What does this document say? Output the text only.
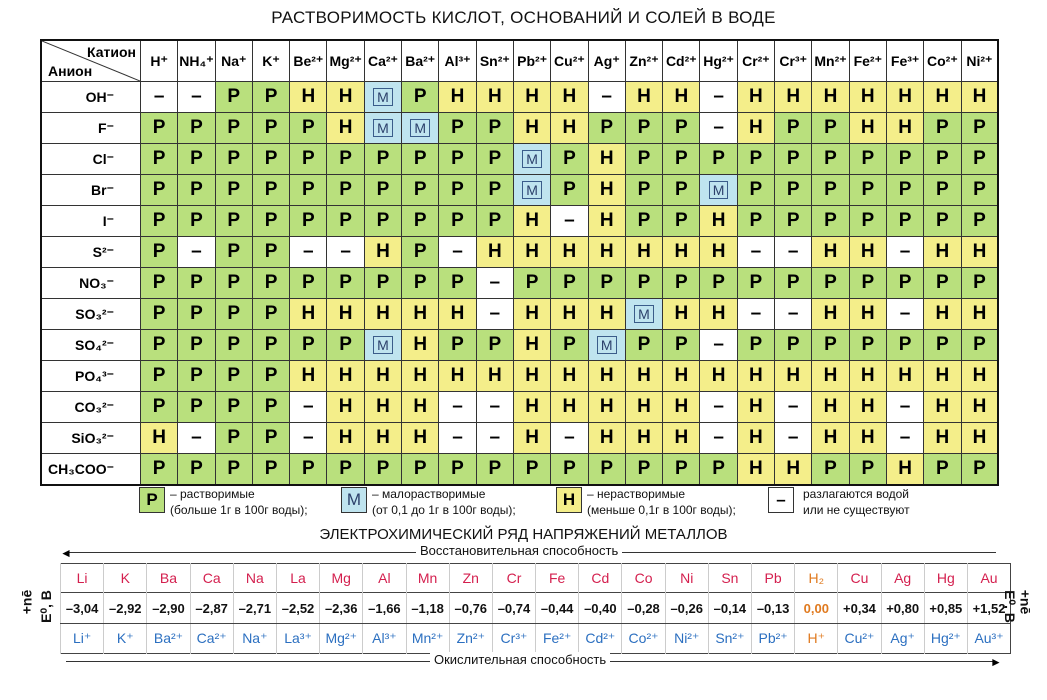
РАСТВОРИМОСТЬ КИСЛОТ, ОСНОВАНИЙ И СОЛЕЙ В ВОДЕ
Катион
Анион	H⁺	NH₄⁺	Na⁺	K⁺	Be²⁺	Mg²⁺	Ca²⁺	Ba²⁺	Al³⁺	Sn²⁺	Pb²⁺	Cu²⁺	Ag⁺	Zn²⁺	Cd²⁺	Hg²⁺	Cr²⁺	Cr³⁺	Mn²⁺	Fe²⁺	Fe³⁺	Co²⁺	Ni²⁺
OH⁻	–	–	Р	Р	Н	Н	М	Р	Н	Н	Н	Н	–	Н	Н	–	Н	Н	Н	Н	Н	Н	Н
F⁻	Р	Р	Р	Р	Р	Н	М	М	Р	Р	Н	Н	Р	Р	Р	–	Н	Р	Р	Н	Н	Р	Р
Cl⁻	Р	Р	Р	Р	Р	Р	Р	Р	Р	Р	М	Р	Н	Р	Р	Р	Р	Р	Р	Р	Р	Р	Р
Br⁻	Р	Р	Р	Р	Р	Р	Р	Р	Р	Р	М	Р	Н	Р	Р	М	Р	Р	Р	Р	Р	Р	Р
I⁻	Р	Р	Р	Р	Р	Р	Р	Р	Р	Р	Н	–	Н	Р	Р	Н	Р	Р	Р	Р	Р	Р	Р
S²⁻	Р	–	Р	Р	–	–	Н	Р	–	Н	Н	Н	Н	Н	Н	Н	–	–	Н	Н	–	Н	Н
NO₃⁻	Р	Р	Р	Р	Р	Р	Р	Р	Р	–	Р	Р	Р	Р	Р	Р	Р	Р	Р	Р	Р	Р	Р
SO₃²⁻	Р	Р	Р	Р	Н	Н	Н	Н	Н	–	Н	Н	Н	М	Н	Н	–	–	Н	Н	–	Н	Н
SO₄²⁻	Р	Р	Р	Р	Р	Р	М	Н	Р	Р	Н	Р	М	Р	Р	–	Р	Р	Р	Р	Р	Р	Р
PO₄³⁻	Р	Р	Р	Р	Н	Н	Н	Н	Н	Н	Н	Н	Н	Н	Н	Н	Н	Н	Н	Н	Н	Н	Н
CO₃²⁻	Р	Р	Р	Р	–	Н	Н	Н	–	–	Н	Н	Н	Н	Н	–	Н	–	Н	Н	–	Н	Н
SiO₃²⁻	Н	–	Р	Р	–	Н	Н	Н	–	–	Н	–	Н	Н	Н	–	Н	–	Н	Н	–	Н	Н
CH₃COO⁻	Р	Р	Р	Р	Р	Р	Р	Р	Р	Р	Р	Р	Р	Р	Р	Р	Н	Н	Р	Р	Н	Р	Р
Р	– растворимые
(больше 1г в 100г воды);
М – малорастворимые
(от 0,1 до 1г в 100г воды);
Н – нерастворимые
(меньше 0,1г в 100г воды);
–	разлагаются водой
или не существуют
ЭЛЕКТРОХИМИЧЕСКИЙ РЯД НАПРЯЖЕНИЙ МЕТАЛЛОВ
◄	Восстановительная способность
Li	K	Ba	Ca	Na	La	Mg	Al	Mn	Zn	Cr	Fe	Cd	Co	Ni	Sn	Pb	H₂	Cu	Ag	Hg	Au
–3,04	–2,92	–2,90	–2,87	–2,71	–2,52	–2,36	–1,66	–1,18	–0,76	–0,74	–0,44	–0,40	–0,28	–0,26	–0,14	–0,13	0,00	+0,34	+0,80	+0,85	+1,52
Li⁺	K⁺	Ba²⁺	Ca²⁺	Na⁺	La³⁺	Mg²⁺	Al³⁺	Mn²⁺	Zn²⁺	Cr³⁺	Fe²⁺	Cd²⁺	Co²⁺	Ni²⁺	Sn²⁺	Pb²⁺	H⁺	Cu²⁺	Ag⁺	Hg²⁺	Au³⁺
+nē E⁰, В	E⁰, В +nē
►
Окислительная способность
